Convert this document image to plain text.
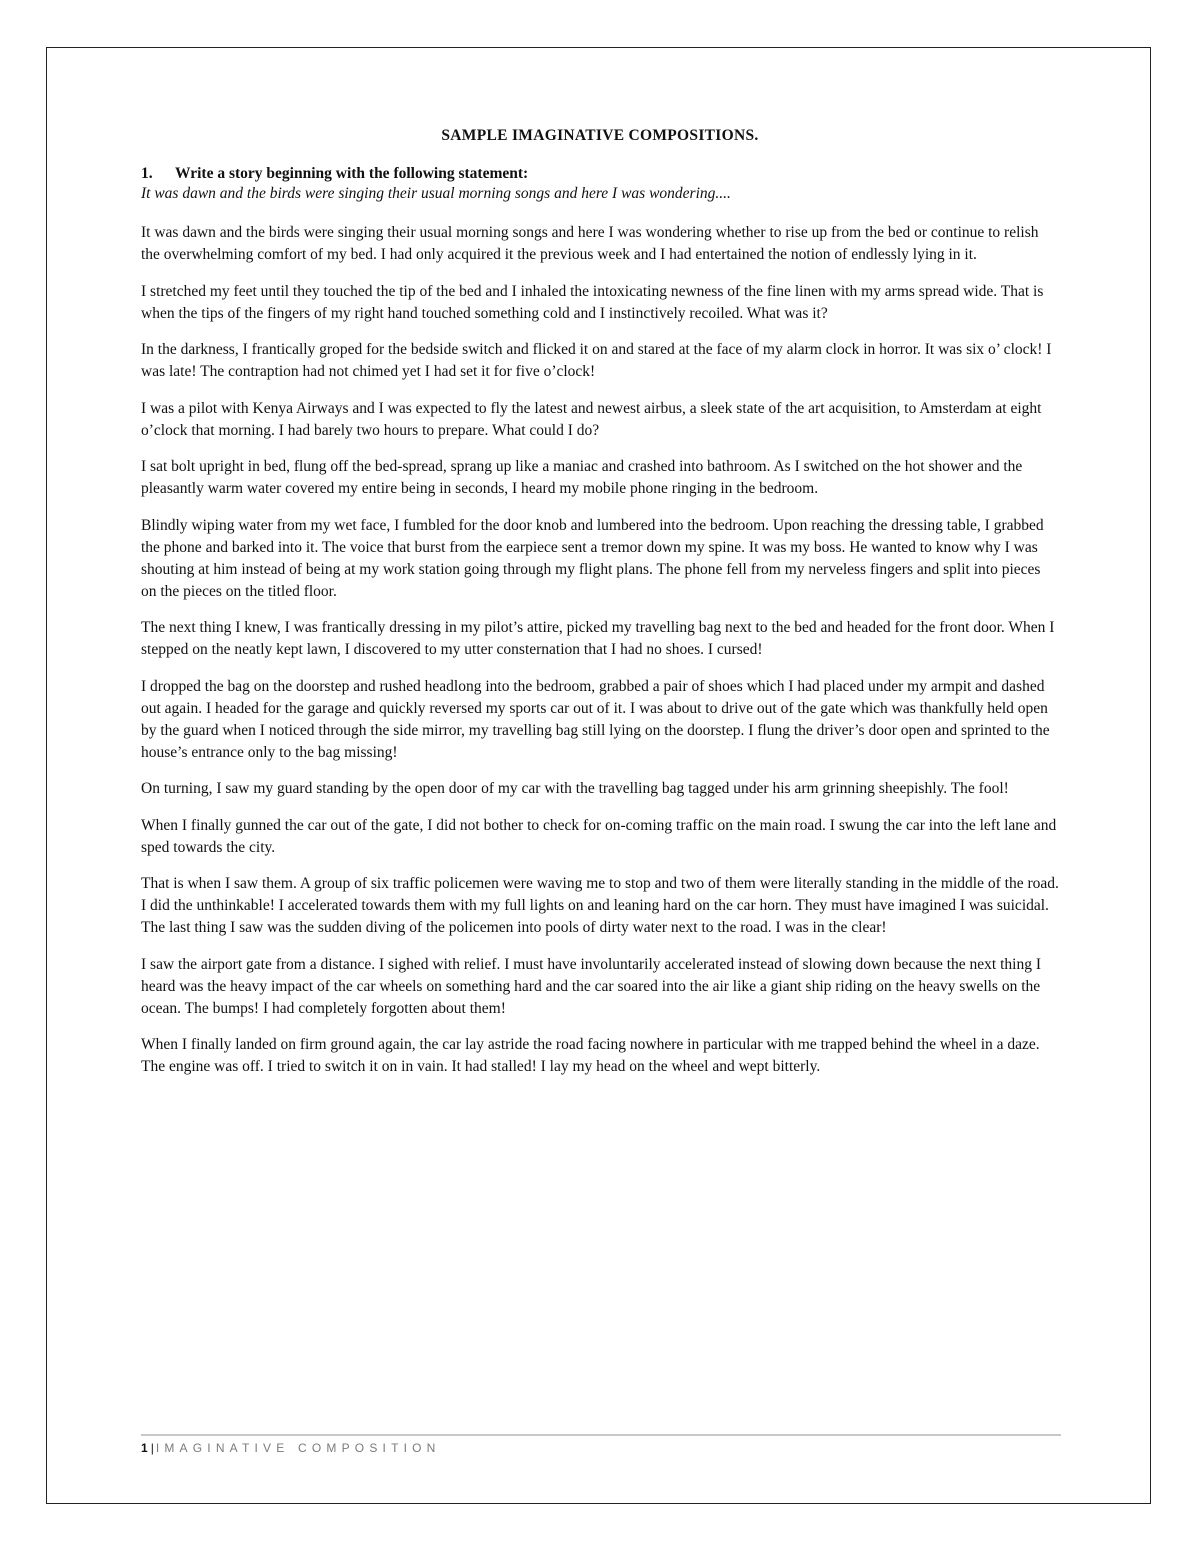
SAMPLE IMAGINATIVE COMPOSITIONS.

1. Write a story beginning with the following statement:

It was dawn and the birds were singing their usual morning songs and here I was wondering....

It was dawn and the birds were singing their usual morning songs and here I was wondering whether to rise up from the bed or continue to relish the overwhelming comfort of my bed. I had only acquired it the previous week and I had entertained the notion of endlessly lying in it.

I stretched my feet until they touched the tip of the bed and I inhaled the intoxicating newness of the fine linen with my arms spread wide. That is when the tips of the fingers of my right hand touched something cold and I instinctively recoiled. What was it?

In the darkness, I frantically groped for the bedside switch and flicked it on and stared at the face of my alarm clock in horror. It was six o’ clock! I was late! The contraption had not chimed yet I had set it for five o’clock!

I was a pilot with Kenya Airways and I was expected to fly the latest and newest airbus, a sleek state of the art acquisition, to Amsterdam at eight o’clock that morning. I had barely two hours to prepare. What could I do?

I sat bolt upright in bed, flung off the bed-spread, sprang up like a maniac and crashed into bathroom. As I switched on the hot shower and the pleasantly warm water covered my entire being in seconds, I heard my mobile phone ringing in the bedroom.

Blindly wiping water from my wet face, I fumbled for the door knob and lumbered into the bedroom. Upon reaching the dressing table, I grabbed the phone and barked into it. The voice that burst from the earpiece sent a tremor down my spine. It was my boss. He wanted to know why I was shouting at him instead of being at my work station going through my flight plans. The phone fell from my nerveless fingers and split into pieces on the pieces on the titled floor.

The next thing I knew, I was frantically dressing in my pilot’s attire, picked my travelling bag next to the bed and headed for the front door. When I stepped on the neatly kept lawn, I discovered to my utter consternation that I had no shoes. I cursed!

I dropped the bag on the doorstep and rushed headlong into the bedroom, grabbed a pair of shoes which I had placed under my armpit and dashed out again. I headed for the garage and quickly reversed my sports car out of it. I was about to drive out of the gate which was thankfully held open by the guard when I noticed through the side mirror, my travelling bag still lying on the doorstep. I flung the driver’s door open and sprinted to the house’s entrance only to the bag missing!

On turning, I saw my guard standing by the open door of my car with the travelling bag tagged under his arm grinning sheepishly. The fool!

When I finally gunned the car out of the gate, I did not bother to check for on-coming traffic on the main road. I swung the car into the left lane and sped towards the city.

That is when I saw them. A group of six traffic policemen were waving me to stop and two of them were literally standing in the middle of the road. I did the unthinkable! I accelerated towards them with my full lights on and leaning hard on the car horn. They must have imagined I was suicidal. The last thing I saw was the sudden diving of the policemen into pools of dirty water next to the road. I was in the clear!

I saw the airport gate from a distance. I sighed with relief. I must have involuntarily accelerated instead of slowing down because the next thing I heard was the heavy impact of the car wheels on something hard and the car soared into the air like a giant ship riding on the heavy swells on the ocean. The bumps! I had completely forgotten about them!

When I finally landed on firm ground again, the car lay astride the road facing nowhere in particular with me trapped behind the wheel in a daze. The engine was off. I tried to switch it on in vain. It had stalled! I lay my head on the wheel and wept bitterly.

1 | IMAGINATIVE COMPOSITION
